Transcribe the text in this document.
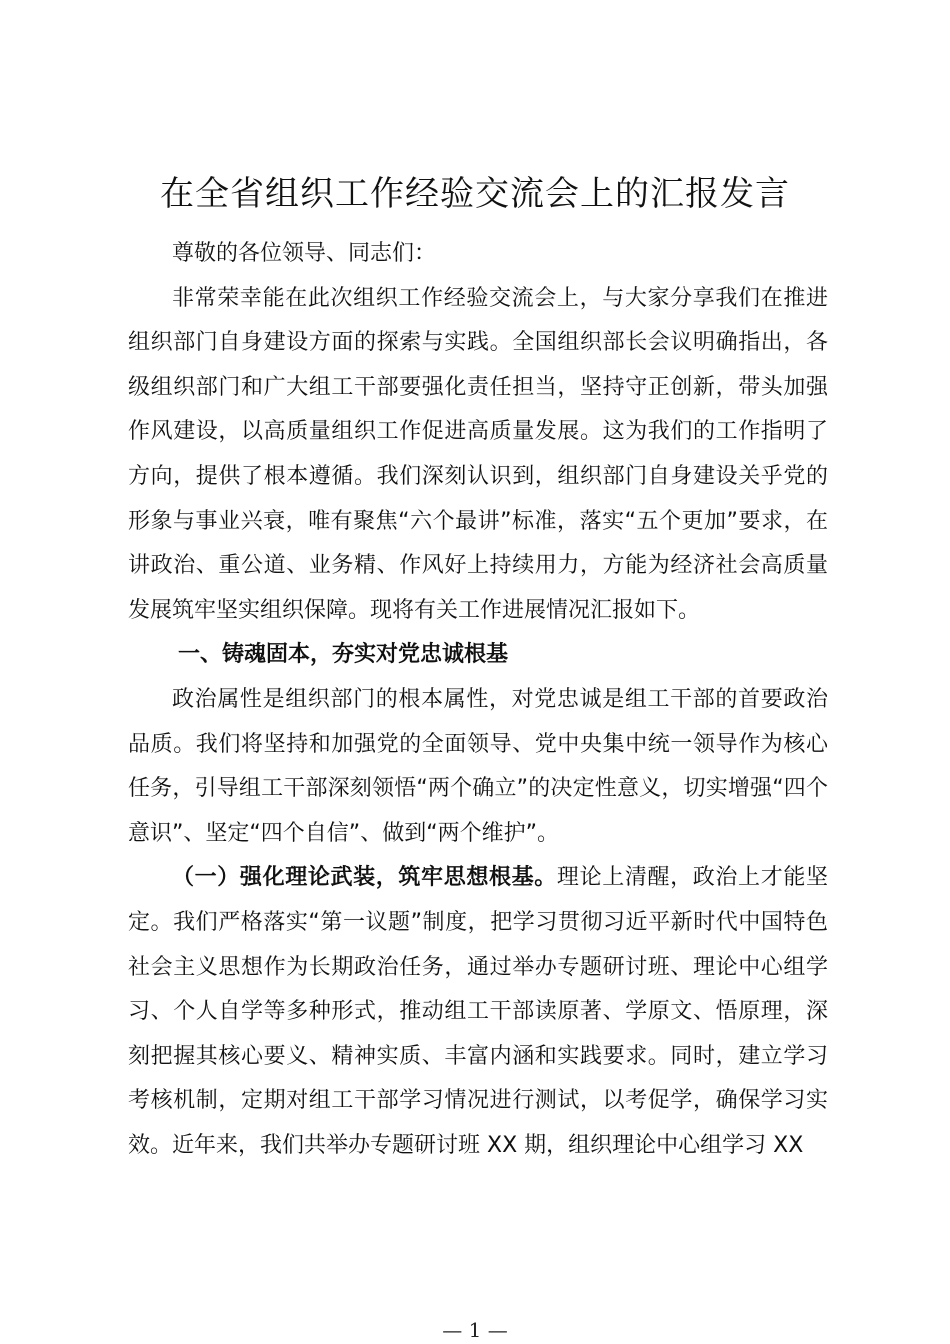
在全省组织工作经验交流会上的汇报发言

尊敬的各位领导、同志们：

非常荣幸能在此次组织工作经验交流会上，与大家分享我们在推进组织部门自身建设方面的探索与实践。全国组织部长会议明确指出，各级组织部门和广大组工干部要强化责任担当，坚持守正创新，带头加强作风建设，以高质量组织工作促进高质量发展。这为我们的工作指明了方向，提供了根本遵循。我们深刻认识到，组织部门自身建设关乎党的形象与事业兴衰，唯有聚焦“六个最讲”标准，落实“五个更加”要求，在讲政治、重公道、业务精、作风好上持续用力，方能为经济社会高质量发展筑牢坚实组织保障。现将有关工作进展情况汇报如下。

一、铸魂固本，夯实对党忠诚根基

政治属性是组织部门的根本属性，对党忠诚是组工干部的首要政治品质。我们将坚持和加强党的全面领导、党中央集中统一领导作为核心任务，引导组工干部深刻领悟“两个确立”的决定性意义，切实增强“四个意识”、坚定“四个自信”、做到“两个维护”。

（一）强化理论武装，筑牢思想根基。理论上清醒，政治上才能坚定。我们严格落实“第一议题”制度，把学习贯彻习近平新时代中国特色社会主义思想作为长期政治任务，通过举办专题研讨班、理论中心组学习、个人自学等多种形式，推动组工干部读原著、学原文、悟原理，深刻把握其核心要义、精神实质、丰富内涵和实践要求。同时，建立学习考核机制，定期对组工干部学习情况进行测试，以考促学，确保学习实效。近年来，我们共举办专题研讨班 XX 期，组织理论中心组学习 XX

— 1 —
